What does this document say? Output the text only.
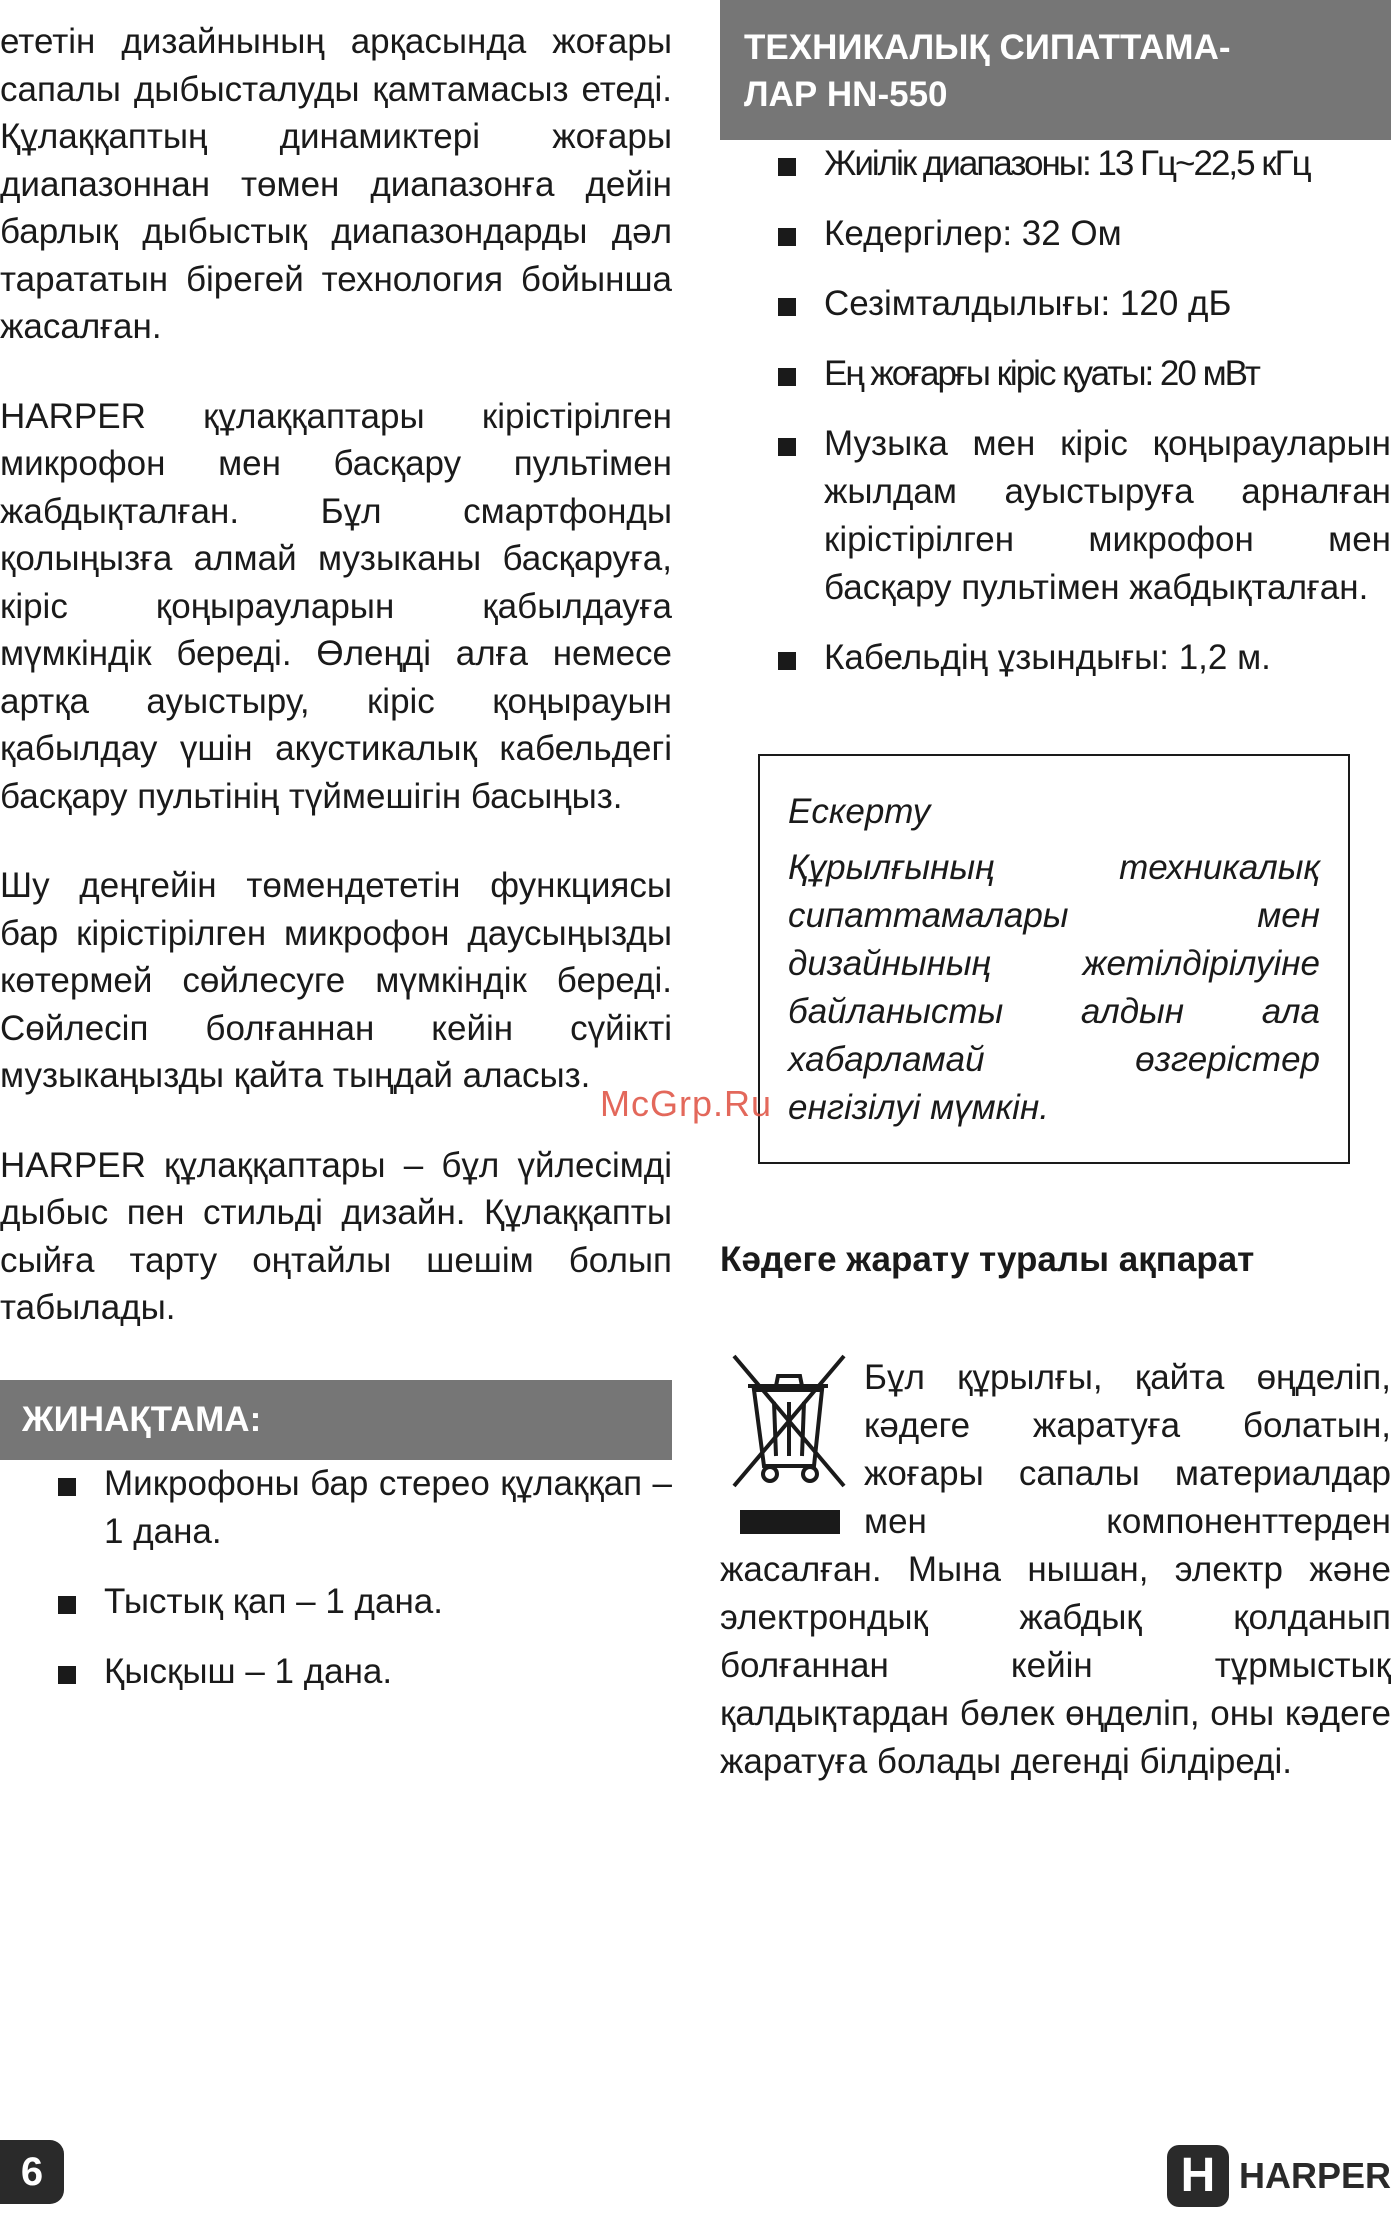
ететін дизайнының арқасында жоғары сапалы дыбысталуды қамтамасыз етеді. Құлаққаптың динамиктері жоғары диапазоннан төмен диапазонға дейін барлық дыбыстық диапазондарды дәл тарататын бірегей технология бойынша жасалған.

HARPER құлаққаптары кірістірілген микрофон мен басқару пультімен жабдықталған. Бұл смартфонды қолыңызға алмай музыканы басқаруға, кіріс қоңырауларын қабылдауға мүмкіндік береді. Өлеңді алға немесе артқа ауыстыру, кіріс қоңырауын қабылдау үшін акустикалық кабельдегі басқару пультінің түймешігін басыңыз.

Шу деңгейін төмендететін функциясы бар кірістірілген микрофон даусыңызды көтермей сөйлесуге мүмкіндік береді. Сөйлесіп болғаннан кейін сүйікті музыкаңызды қайта тыңдай аласыз.

HARPER құлаққаптары – бұл үйлесімді дыбыс пен стильді дизайн. Құлаққапты сыйға тарту оңтайлы шешім болып табылады.

ЖИНАҚТАМА:
Микрофоны бар стерео құлаққап – 1 дана.
Тыстық қап – 1 дана.
Қысқыш – 1 дана.
ТЕХНИКАЛЫҚ СИПАТТАМА-
ЛАР HN-550
Жиілік диапазоны: 13 Гц~22,5 кГц
Кедергілер: 32 Ом
Сезімталдылығы: 120 дБ
Ең жоғарғы кіріс қуаты: 20 мВт
Музыка мен кіріс қоңырауларын жылдам ауыстыруға арналған кірістірілген микрофон мен басқару пультімен жабдықталған.
Кабельдің ұзындығы: 1,2 м.
Ескерту
Құрылғының техникалық сипаттамалары мен дизайнының жетілдірілуіне байланысты алдын ала хабарламай өзгерістер енгізілуі мүмкін.
Кәдеге жарату туралы ақпарат
Бұл құрылғы, қайта өңделіп, кәдеге жаратуға болатын, жоғары сапалы материалдар мен компоненттерден жасалған. Мына нышан, электр және электрондық жабдық қолданып болғаннан кейін тұрмыстық қалдықтардан бөлек өңделіп, оны кәдеге жаратуға болады дегенді білдіреді.
McGrp.Ru
6	H HARPER
